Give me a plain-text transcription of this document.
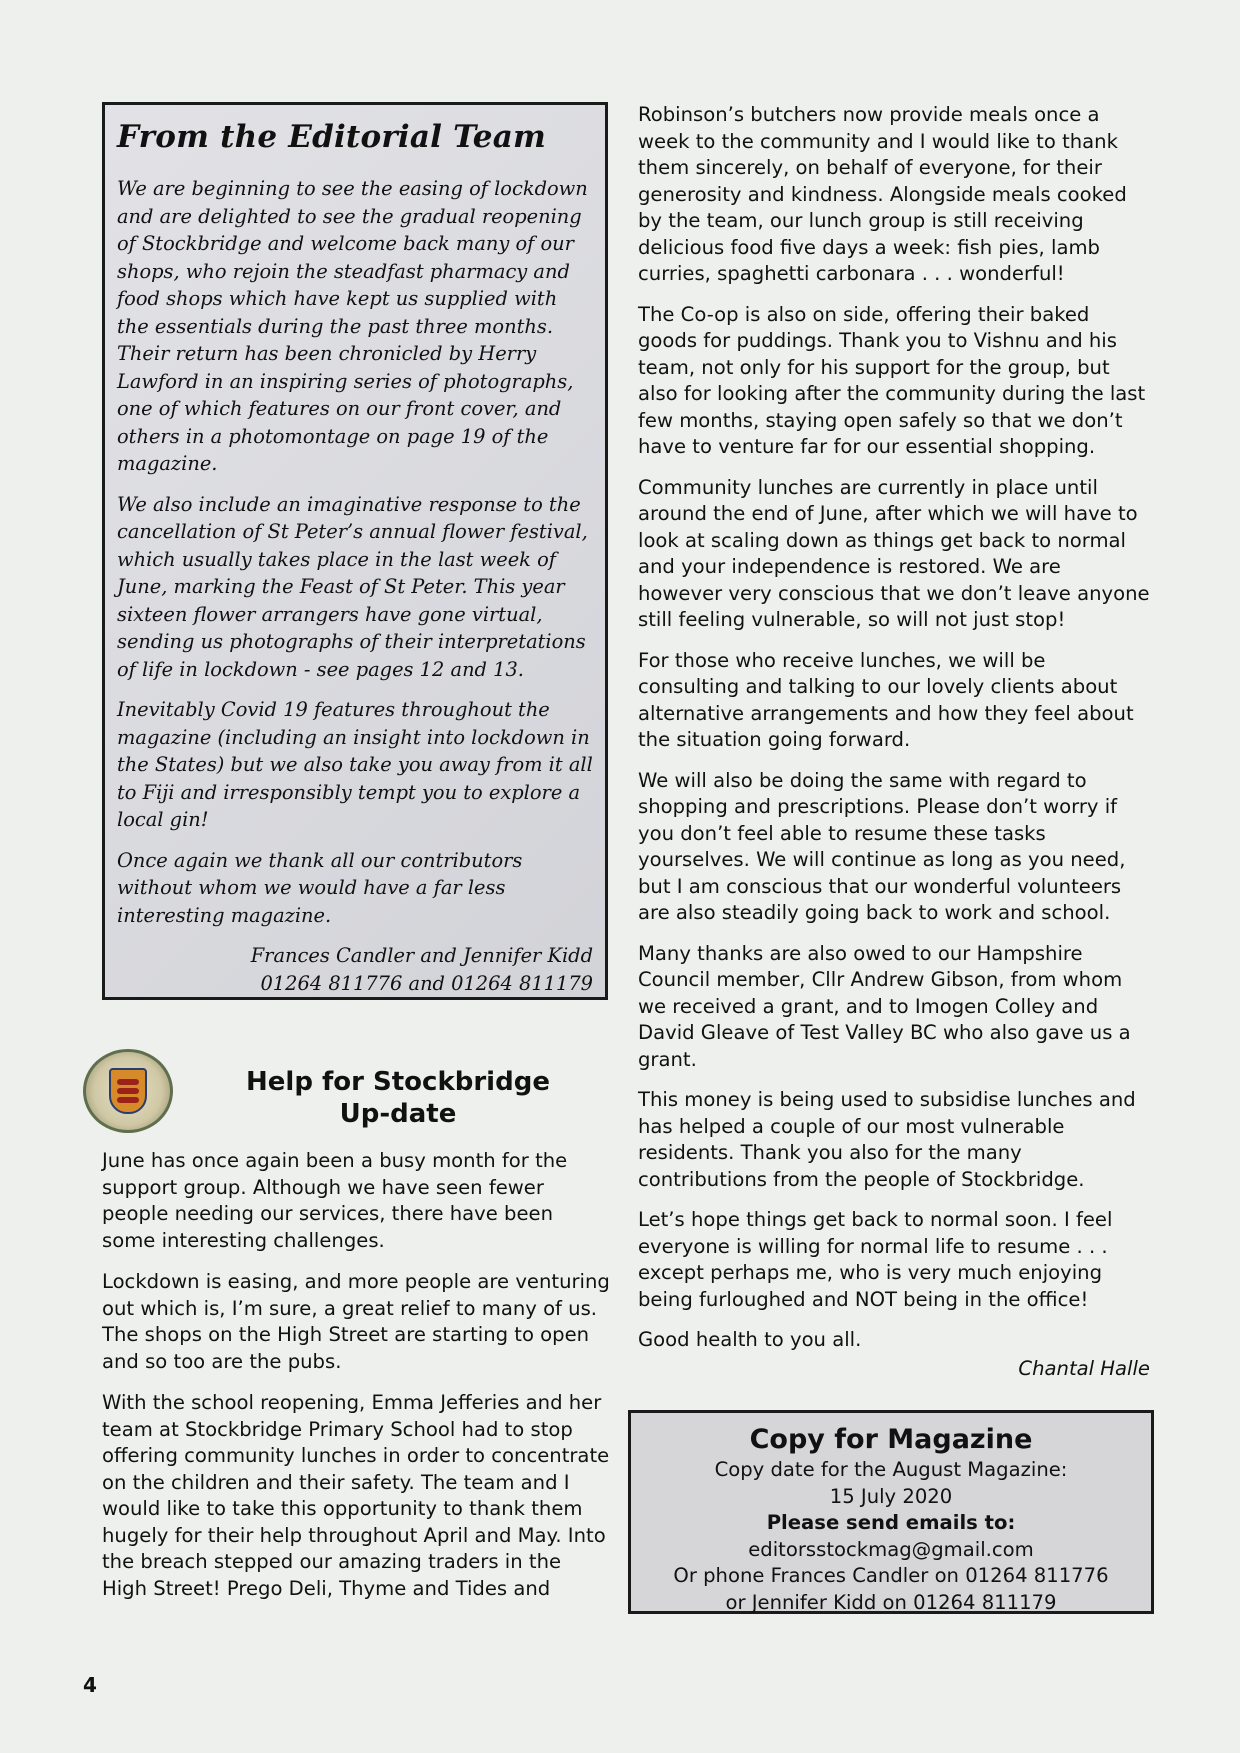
From the Editorial Team

We are beginning to see the easing of lockdown and are delighted to see the gradual reopening of Stockbridge and welcome back many of our shops, who rejoin the steadfast pharmacy and food shops which have kept us supplied with the essentials during the past three months. Their return has been chronicled by Herry Lawford in an inspiring series of photographs, one of which features on our front cover, and others in a photomontage on page 19 of the magazine.

We also include an imaginative response to the cancellation of St Peter’s annual flower festival, which usually takes place in the last week of June, marking the Feast of St Peter. This year sixteen flower arrangers have gone virtual, sending us photographs of their interpretations of life in lockdown - see pages 12 and 13.

Inevitably Covid 19 features throughout the magazine (including an insight into lockdown in the States) but we also take you away from it all to Fiji and irresponsibly tempt you to explore a local gin!

Once again we thank all our contributors without whom we would have a far less interesting magazine.

Frances Candler and Jennifer Kidd

01264 811776 and 01264 811179

Help for Stockbridge
Up-date

June has once again been a busy month for the support group. Although we have seen fewer people needing our services, there have been some interesting challenges.

Lockdown is easing, and more people are venturing out which is, I’m sure, a great relief to many of us. The shops on the High Street are starting to open and so too are the pubs.

With the school reopening, Emma Jefferies and her team at Stockbridge Primary School had to stop offering community lunches in order to concentrate on the children and their safety. The team and I would like to take this opportunity to thank them hugely for their help throughout April and May. Into the breach stepped our amazing traders in the High Street! Prego Deli, Thyme and Tides and

Robinson’s butchers now provide meals once a week to the community and I would like to thank them sincerely, on behalf of everyone, for their generosity and kindness. Alongside meals cooked by the team, our lunch group is still receiving delicious food five days a week: fish pies, lamb curries, spaghetti carbonara . . . wonderful!

The Co-op is also on side, offering their baked goods for puddings. Thank you to Vishnu and his team, not only for his support for the group, but also for looking after the community during the last few months, staying open safely so that we don’t have to venture far for our essential shopping.

Community lunches are currently in place until around the end of June, after which we will have to look at scaling down as things get back to normal and your independence is restored. We are however very conscious that we don’t leave anyone still feeling vulnerable, so will not just stop!

For those who receive lunches, we will be consulting and talking to our lovely clients about alternative arrangements and how they feel about the situation going forward.

We will also be doing the same with regard to shopping and prescriptions. Please don’t worry if you don’t feel able to resume these tasks yourselves. We will continue as long as you need, but I am conscious that our wonderful volunteers are also steadily going back to work and school.

Many thanks are also owed to our Hampshire Council member, Cllr Andrew Gibson, from whom we received a grant, and to Imogen Colley and David Gleave of Test Valley BC who also gave us a grant.

This money is being used to subsidise lunches and has helped a couple of our most vulnerable residents. Thank you also for the many contributions from the people of Stockbridge.

Let’s hope things get back to normal soon. I feel everyone is willing for normal life to resume . . . except perhaps me, who is very much enjoying being furloughed and NOT being in the office!

Good health to you all.

Chantal Halle

Copy for Magazine
Copy date for the August Magazine:
15 July 2020
Please send emails to: editorsstockmag@gmail.com
Or phone Frances Candler on 01264 811776
or Jennifer Kidd on 01264 811179
4
